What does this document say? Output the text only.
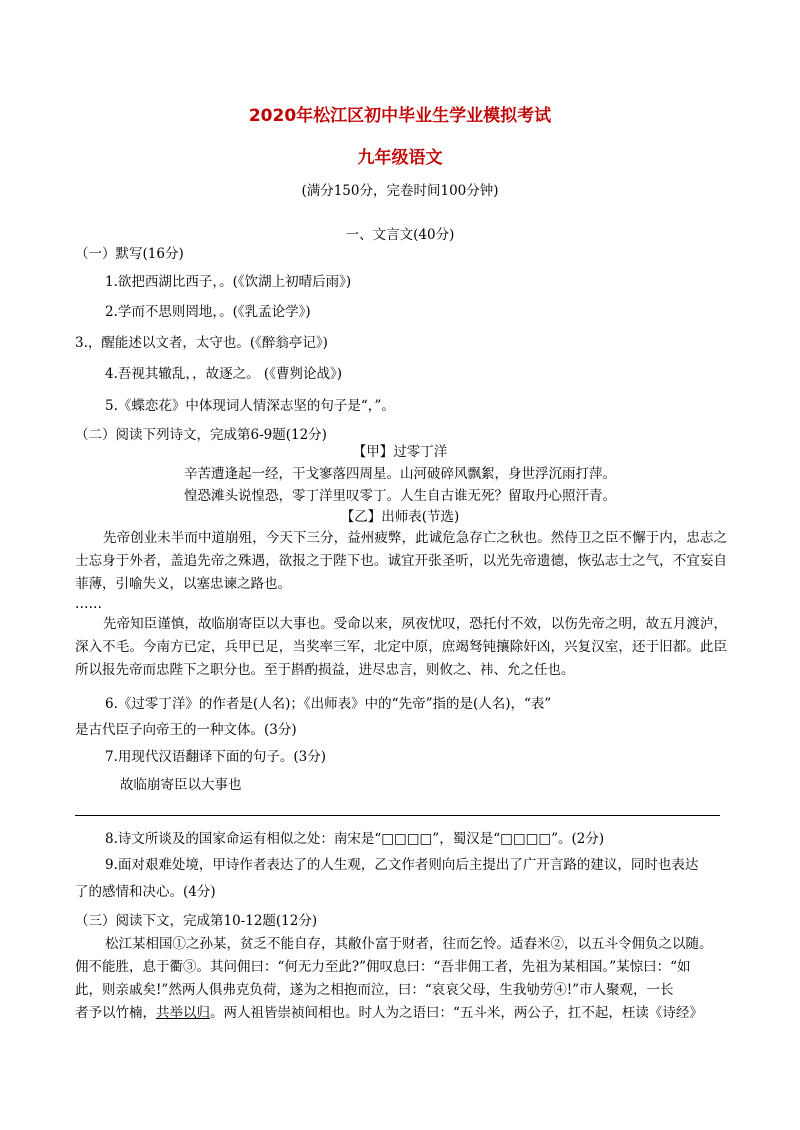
2020年松江区初中毕业生学业模拟考试
九年级语文
(满分150分，完卷时间100分钟)
一、文言文(40分)
（一）默写(16分)
1.欲把西湖比西子，。(《饮湖上初晴后雨》)
2.学而不思则罔地，。(《乳孟论学》)
3.，醒能述以文者，太守也。(《醉翁亭记》)
4.吾视其辙乱，，故逐之。 (《曹刿论战》)
5.《蝶恋花》中体现词人情深志坚的句子是“，”。
（二）阅读下列诗文，完成第6-9题(12分)
【甲】过零丁洋
辛苦遭逢起一经，干戈寥落四周星。山河破碎风飘絮，身世浮沉雨打萍。
惶恐滩头说惶恐，零丁洋里叹零丁。人生自古谁无死？留取丹心照汗青。
【乙】出师表(节选)
先帝创业未半而中道崩殂，今天下三分，益州疲弊，此诚危急存亡之秋也。然侍卫之臣不懈于内，忠志之士忘身于外者，盖追先帝之殊遇，欲报之于陛下也。诚宜开张圣听，以光先帝遗德，恢弘志士之气，不宜妄自菲薄，引喻失义，以塞忠谏之路也。
……
先帝知臣谨慎，故临崩寄臣以大事也。受命以来，夙夜忧叹，恐托付不效，以伤先帝之明，故五月渡泸，深入不毛。今南方已定，兵甲已足，当奖率三军，北定中原，庶竭驽钝攘除奸凶，兴复汉室，还于旧都。此臣所以报先帝而忠陛下之职分也。至于斟酌损益，进尽忠言，则攸之、祎、允之任也。
6.《过零丁洋》的作者是(人名)；《出师表》中的“先帝”指的是(人名)，“表”
是古代臣子向帝王的一种文体。(3分)
7.用现代汉语翻译下面的句子。(3分)
故临崩寄臣以大事也
8.诗文所谈及的国家命运有相似之处：南宋是“□□□□”，蜀汉是“□□□□”。(2分)
9.面对艰难处境，甲诗作者表达了的人生观，乙文作者则向后主提出了广开言路的建议，同时也表达
了的感情和决心。(4分)
（三）阅读下文，完成第10-12题(12分)
松江某相国①之孙某，贫乏不能自存，其敝仆富于财者，往而乞怜。适舂米②，以五斗令佣负之以随。
佣不能胜，息于衢③。其问佣曰：“何无力至此?”佣叹息曰：“吾非佣工者，先祖为某相国。”某惊曰：“如
此，则亲戚矣!”然两人俱弗克负荷，遂为之相抱而泣，曰：“哀哀父母，生我劬劳④!”市人聚观，一长
者予以竹楠，共举以归。两人祖皆崇祯间相也。时人为之语曰：“五斗米，两公子，扛不起，枉读《诗经》
